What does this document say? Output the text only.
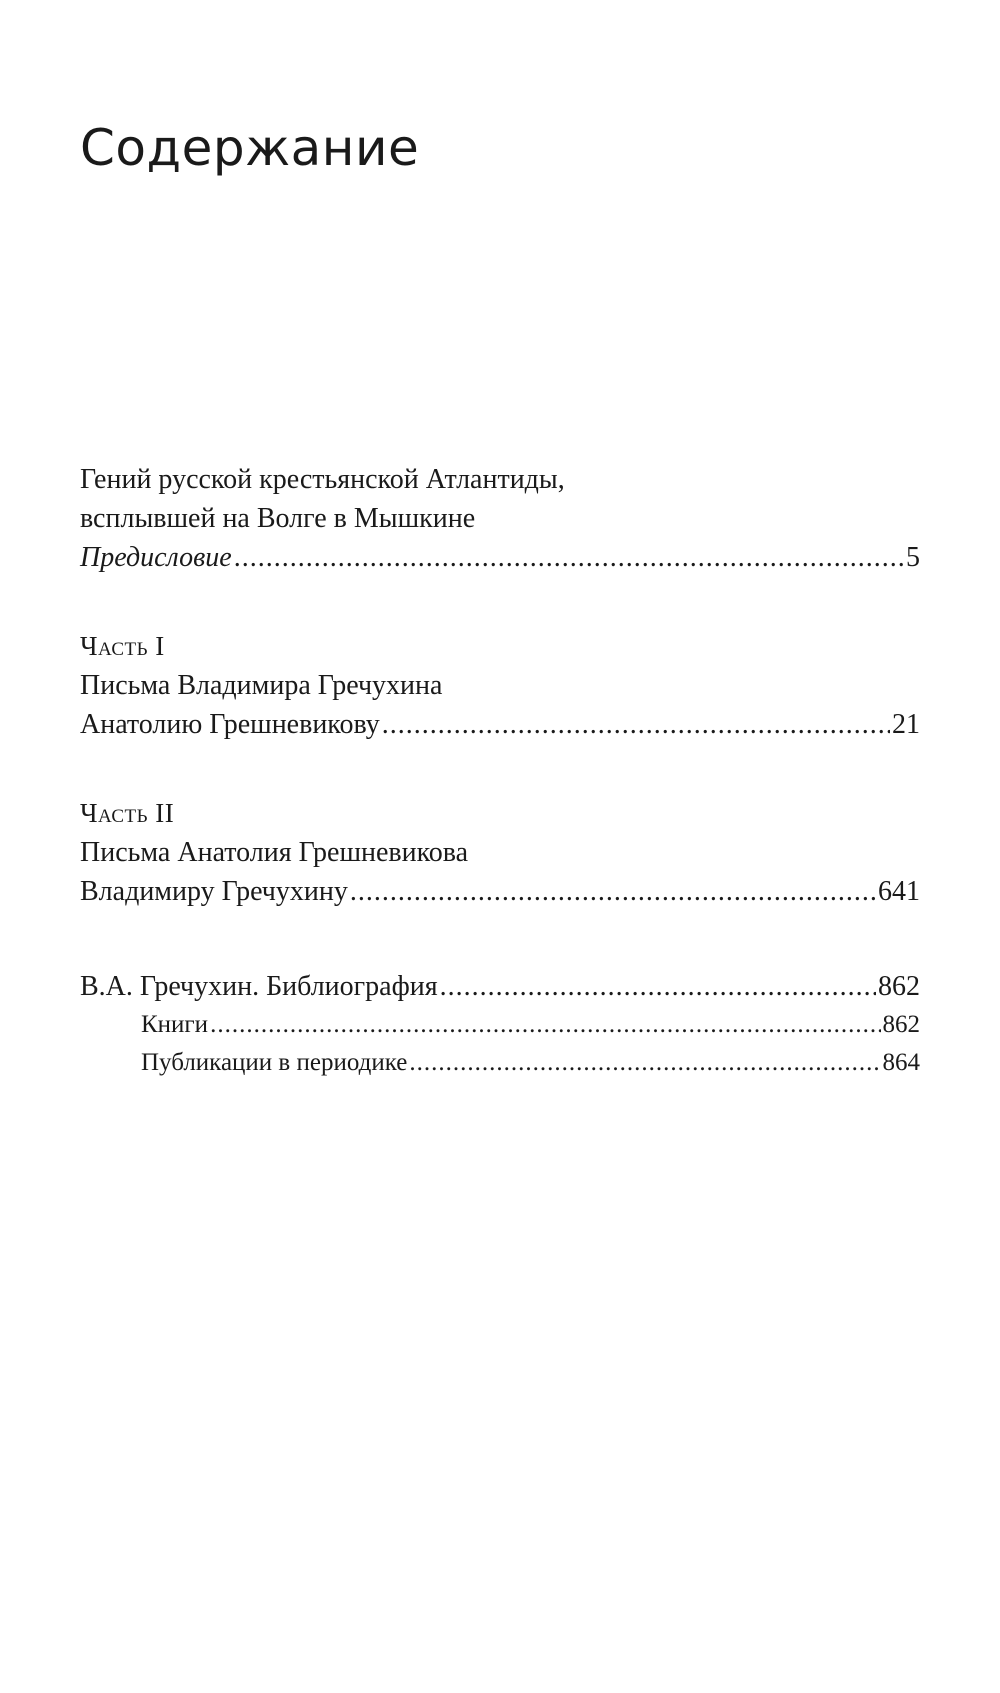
Содержание
Гений русской крестьянской Атлантиды,
всплывшей на Волге в Мышкине
Предисловие .....	5
Часть I
Письма Владимира Гречухина
Анатолию Грешневикову .....	21
Часть II
Письма Анатолия Грешневикова
Владимиру Гречухину .....	641
В.А. Гречухин. Библиография .....	862
Книги .....	862
Публикации в периодике .....	864
